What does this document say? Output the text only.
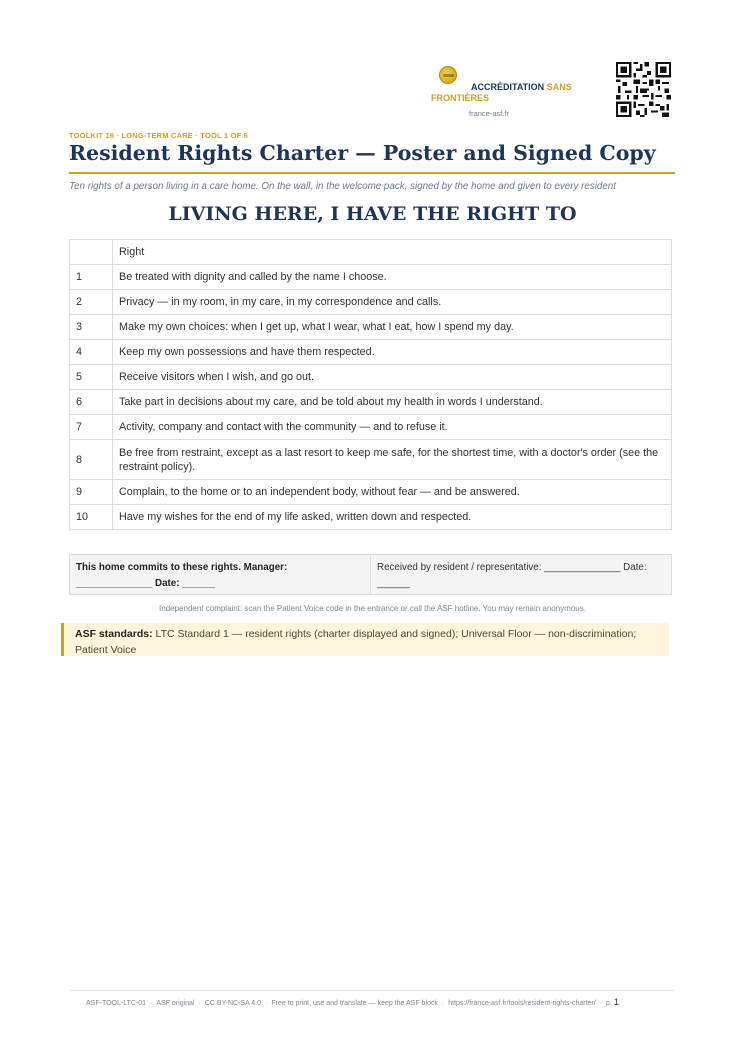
ACCRÉDITATION SANS FRONTIÈRES
france-asf.fr
TOOLKIT 16 · LONG-TERM CARE · TOOL 1 OF 6
Resident Rights Charter — Poster and Signed Copy
Ten rights of a person living in a care home. On the wall, in the welcome pack, signed by the home and given to every resident
LIVING HERE, I HAVE THE RIGHT TO
	Right
1	Be treated with dignity and called by the name I choose.
2	Privacy — in my room, in my care, in my correspondence and calls.
3	Make my own choices: when I get up, what I wear, what I eat, how I spend my day.
4	Keep my own possessions and have them respected.
5	Receive visitors when I wish, and go out.
6	Take part in decisions about my care, and be told about my health in words I understand.
7	Activity, company and contact with the community — and to refuse it.
8	Be free from restraint, except as a last resort to keep me safe, for the shortest time, with a doctor's order (see the restraint policy).
9	Complain, to the home or to an independent body, without fear — and be answered.
10	Have my wishes for the end of my life asked, written down and respected.
This home commits to these rights. Manager: ______________ Date: ______
Received by resident / representative: ______________ Date: ______
Independent complaint: scan the Patient Voice code in the entrance or call the ASF hotline. You may remain anonymous.
ASF standards: LTC Standard 1 — resident rights (charter displayed and signed); Universal Floor — non-discrimination; Patient Voice
ASF-TOOL-LTC-01 · ASF original · CC BY-NC-SA 4.0 · Free to print, use and translate — keep the ASF block · https://france-asf.fr/tools/resident-rights-charter/ · p. 1
